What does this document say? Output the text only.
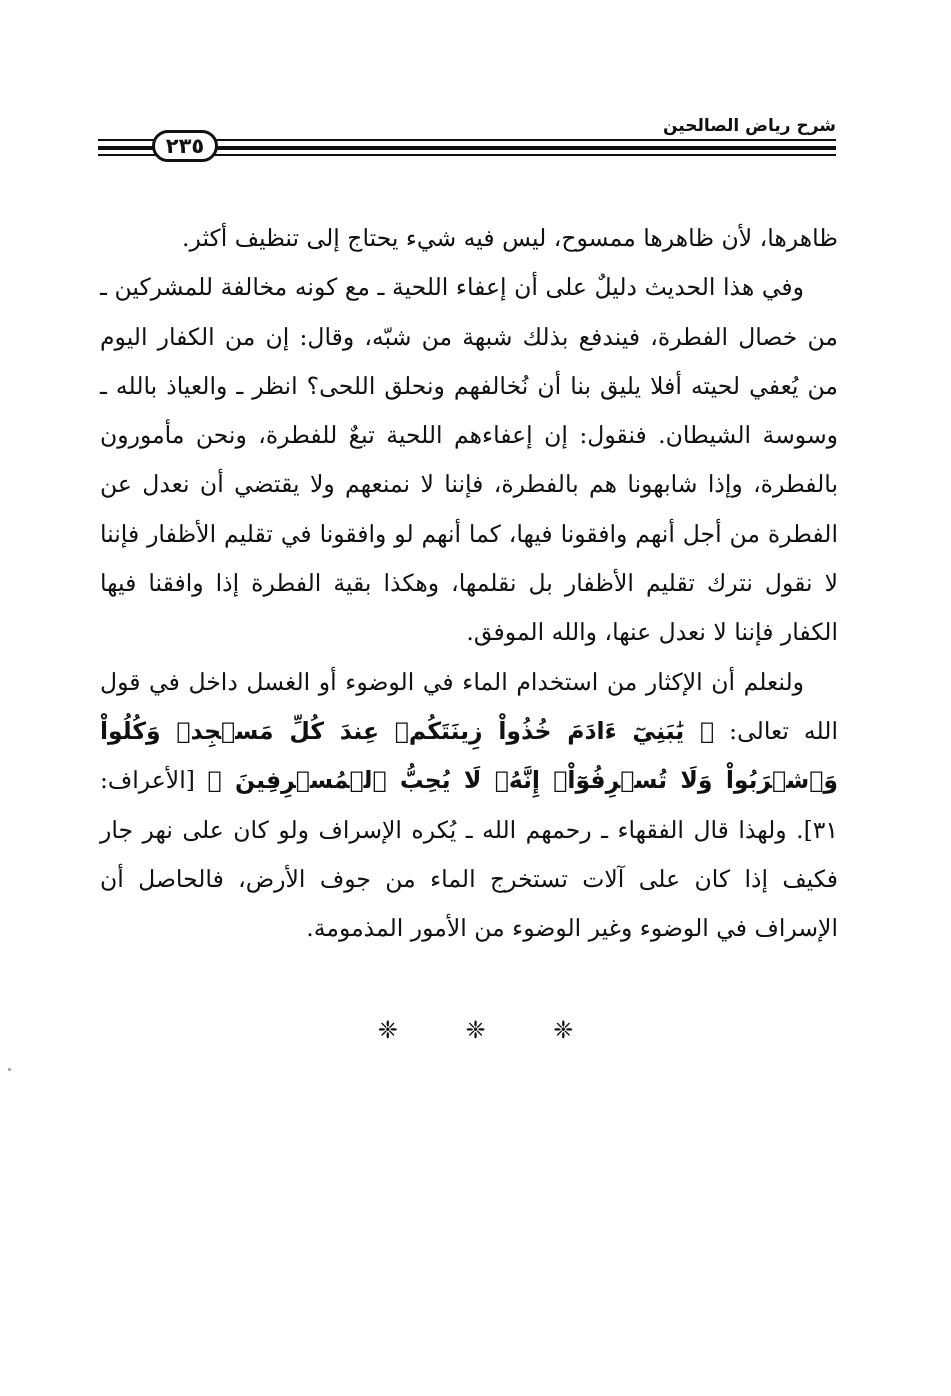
شرح رياض الصالحين
٢٣٥

ظاهرها، لأن ظاهرها ممسوح، ليس فيه شيء يحتاج إلى تنظيف أكثر.

وفي هذا الحديث دليلٌ على أن إعفاء اللحية ـ مع كونه مخالفة للمشركين ـ من خصال الفطرة، فيندفع بذلك شبهة من شبّه، وقال: إن من الكفار اليوم من يُعفي لحيته أفلا يليق بنا أن نُخالفهم ونحلق اللحى؟ انظر ـ والعياذ بالله ـ وسوسة الشيطان. فنقول: إن إعفاءهم اللحية تبعٌ للفطرة، ونحن مأمورون بالفطرة، وإذا شابهونا هم بالفطرة، فإننا لا نمنعهم ولا يقتضي أن نعدل عن الفطرة من أجل أنهم وافقونا فيها، كما أنهم لو وافقونا في تقليم الأظفار فإننا لا نقول نترك تقليم الأظفار بل نقلمها، وهكذا بقية الفطرة إذا وافقنا فيها الكفار فإننا لا نعدل عنها، والله الموفق.

ولنعلم أن الإكثار من استخدام الماء في الوضوء أو الغسل داخل في قول الله تعالى: ﴿ يَٰبَنِيٓ ءَادَمَ خُذُواْ زِينَتَكُمۡ عِندَ كُلِّ مَسۡجِدٖ وَكُلُواْ وَٱشۡرَبُواْ وَلَا تُسۡرِفُوٓاْۚ إِنَّهُۥ لَا يُحِبُّ ٱلۡمُسۡرِفِينَ ﴾ [الأعراف: ٣١]. ولهذا قال الفقهاء ـ رحمهم الله ـ يُكره الإسراف ولو كان على نهر جار فكيف إذا كان على آلات تستخرج الماء من جوف الأرض، فالحاصل أن الإسراف في الوضوء وغير الوضوء من الأمور المذمومة.

❈	❈	❈
